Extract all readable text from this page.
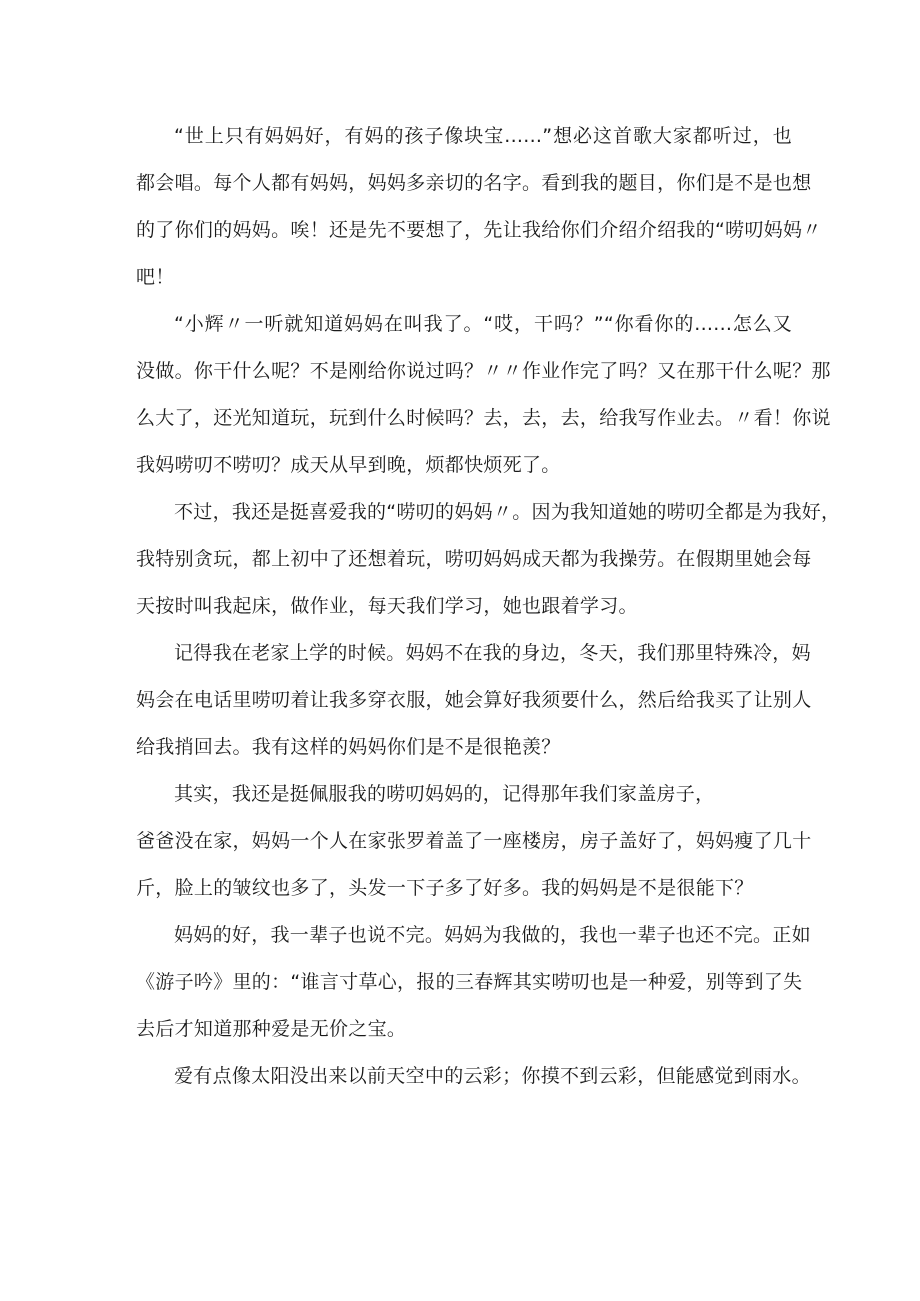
“世上只有妈妈好，有妈的孩子像块宝......”想必这首歌大家都听过，也
都会唱。每个人都有妈妈，妈妈多亲切的名字。看到我的题目，你们是不是也想
的了你们的妈妈。唉！还是先不要想了，先让我给你们介绍介绍我的“唠叨妈妈〃
吧！
“小辉〃一听就知道妈妈在叫我了。“哎，干吗？”“你看你的......怎么又
没做。你干什么呢？不是刚给你说过吗？〃〃作业作完了吗？又在那干什么呢？那
么大了，还光知道玩，玩到什么时候吗？去，去，去，给我写作业去。〃看！你说
我妈唠叨不唠叨？成天从早到晚，烦都快烦死了。
不过，我还是挺喜爱我的“唠叨的妈妈〃。因为我知道她的唠叨全都是为我好，
我特别贪玩，都上初中了还想着玩，唠叨妈妈成天都为我操劳。在假期里她会每
天按时叫我起床，做作业，每天我们学习，她也跟着学习。
记得我在老家上学的时候。妈妈不在我的身边，冬天，我们那里特殊冷，妈
妈会在电话里唠叨着让我多穿衣服，她会算好我须要什么，然后给我买了让别人
给我捎回去。我有这样的妈妈你们是不是很艳羡？
其实，我还是挺佩服我的唠叨妈妈的，记得那年我们家盖房子，
爸爸没在家，妈妈一个人在家张罗着盖了一座楼房，房子盖好了，妈妈瘦了几十
斤，脸上的皱纹也多了，头发一下子多了好多。我的妈妈是不是很能下？
妈妈的好，我一辈子也说不完。妈妈为我做的，我也一辈子也还不完。正如
《游子吟》里的：“谁言寸草心，报的三春辉其实唠叨也是一种爱，别等到了失
去后才知道那种爱是无价之宝。
爱有点像太阳没出来以前天空中的云彩；你摸不到云彩，但能感觉到雨水。
